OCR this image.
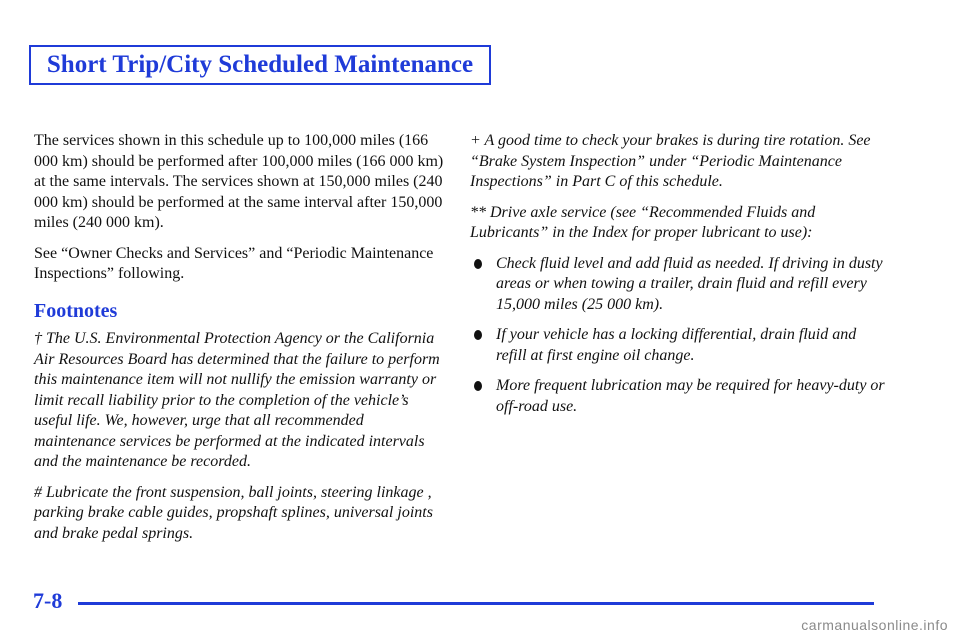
Short Trip/City Scheduled Maintenance

The services shown in this schedule up to 100,000 miles (166 000 km) should be performed after 100,000 miles (166 000 km) at the same intervals. The services shown at 150,000 miles (240 000 km) should be performed at the same interval after 150,000 miles (240 000 km).

See “Owner Checks and Services” and “Periodic Maintenance Inspections” following.

Footnotes

† The U.S. Environmental Protection Agency or the California Air Resources Board has determined that the failure to perform this maintenance item will not nullify the emission warranty or limit recall liability prior to the completion of the vehicle’s useful life. We, however, urge that all recommended maintenance services be performed at the indicated intervals and the maintenance be recorded.

# Lubricate the front suspension, ball joints, steering linkage , parking brake cable guides, propshaft splines, universal joints and brake pedal springs.

+ A good time to check your brakes is during tire rotation. See “Brake System Inspection” under “Periodic Maintenance Inspections” in Part C of this schedule.

** Drive axle service (see “Recommended Fluids and Lubricants” in the Index for proper lubricant to use):

Check fluid level and add fluid as needed. If driving in dusty areas or when towing a trailer, drain fluid and refill every 15,000 miles (25 000 km).
If your vehicle has a locking differential, drain fluid and refill at first engine oil change.
More frequent lubrication may be required for heavy-duty or off-road use.
7-8
carmanualsonline.info
